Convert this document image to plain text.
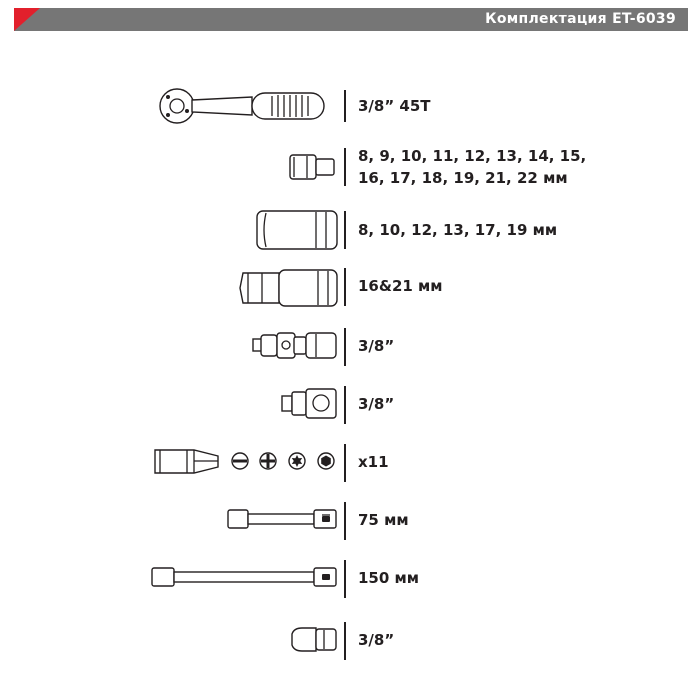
Комплектация ET-6039
3/8” 45T
8, 9, 10, 11, 12, 13, 14, 15,
16, 17, 18, 19, 21, 22 мм
8, 10, 12, 13, 17, 19 мм
16&21 мм
3/8”
3/8”
x11
75 мм
150 мм
3/8”
